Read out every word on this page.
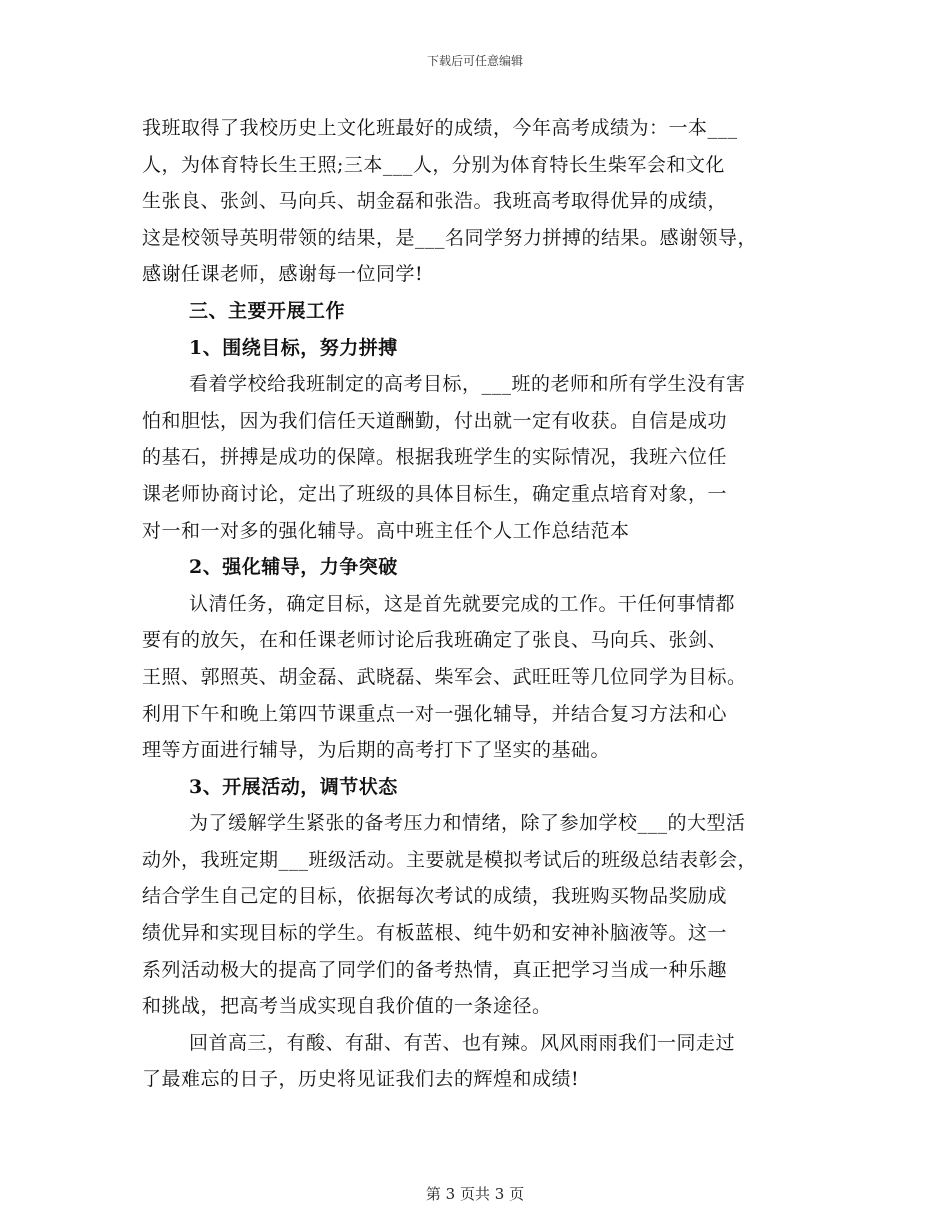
下载后可任意编辑
我班取得了我校历史上文化班最好的成绩，今年高考成绩为：一本___
人，为体育特长生王照;三本___人，分别为体育特长生柴军会和文化
生张良、张剑、马向兵、胡金磊和张浩。我班高考取得优异的成绩，
这是校领导英明带领的结果，是___名同学努力拼搏的结果。感谢领导，
感谢任课老师，感谢每一位同学!
三、主要开展工作
1、围绕目标，努力拼搏
看着学校给我班制定的高考目标，___班的老师和所有学生没有害
怕和胆怯，因为我们信任天道酬勤，付出就一定有收获。自信是成功
的基石，拼搏是成功的保障。根据我班学生的实际情况，我班六位任
课老师协商讨论，定出了班级的具体目标生，确定重点培育对象，一
对一和一对多的强化辅导。高中班主任个人工作总结范本
2、强化辅导，力争突破
认清任务，确定目标，这是首先就要完成的工作。干任何事情都
要有的放矢，在和任课老师讨论后我班确定了张良、马向兵、张剑、
王照、郭照英、胡金磊、武晓磊、柴军会、武旺旺等几位同学为目标。
利用下午和晚上第四节课重点一对一强化辅导，并结合复习方法和心
理等方面进行辅导，为后期的高考打下了坚实的基础。
3、开展活动，调节状态
为了缓解学生紧张的备考压力和情绪，除了参加学校___的大型活
动外，我班定期___班级活动。主要就是模拟考试后的班级总结表彰会，
结合学生自己定的目标，依据每次考试的成绩，我班购买物品奖励成
绩优异和实现目标的学生。有板蓝根、纯牛奶和安神补脑液等。这一
系列活动极大的提高了同学们的备考热情，真正把学习当成一种乐趣
和挑战，把高考当成实现自我价值的一条途径。
回首高三，有酸、有甜、有苦、也有辣。风风雨雨我们一同走过
了最难忘的日子，历史将见证我们去的辉煌和成绩!
第 3 页共 3 页
